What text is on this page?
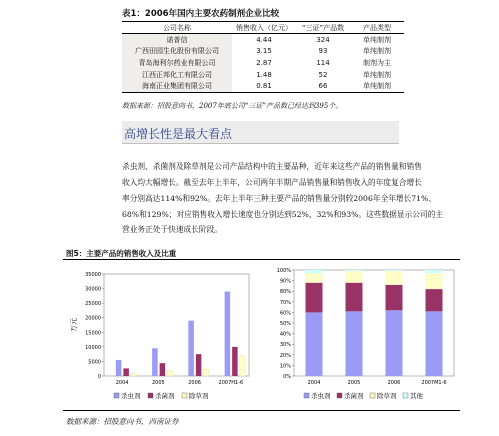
表1：2006年国内主要农药制剂企业比较
公司名称	销售收入（亿元）	“三证”产品数	产品类型
诺普信	4.44	324	单纯制剂
广西田园生化股份有限公司	3.15	93	单纯制剂
青岛海利尔药业有限公司	2.87	114	制剂为主
江西正邦化工有限公司	1.48	52	单纯制剂
海南正业集团有限公司	0.81	66	单纯制剂
数据来源：招股意向书，2007年底公司“三证”产品数已经达到395个。
高增长性是最大看点

杀虫剂、杀菌剂及除草剂是公司产品结构中的主要品种，近年来这些产品的销售量和销售
收入均大幅增长。截至去年上半年，公司两年半期产品销售量和销售收入的年度复合增长

率分别高达114%和92%。去年上半年三种主要产品的销售量分别较2006年全年增长71%、
68%和129%；对应销售收入增长速度也分别达到52%、32%和93%。这些数据显示公司的主
营业务正处于快速成长阶段。

图5：主要产品的销售收入及比重
0
5000
10000
15000
20000
25000
30000
35000
万元
2004	2005	2006	2007H1-6
杀虫剂 杀菌剂 除草剂
0%
10%
20%
30%
40%
50%
60%
70%
80%
90%
100%
2004	2005	2006	2007M1-6
杀虫剂 杀菌剂 除草剂 其他
数据来源：招股意向书，西南证券
